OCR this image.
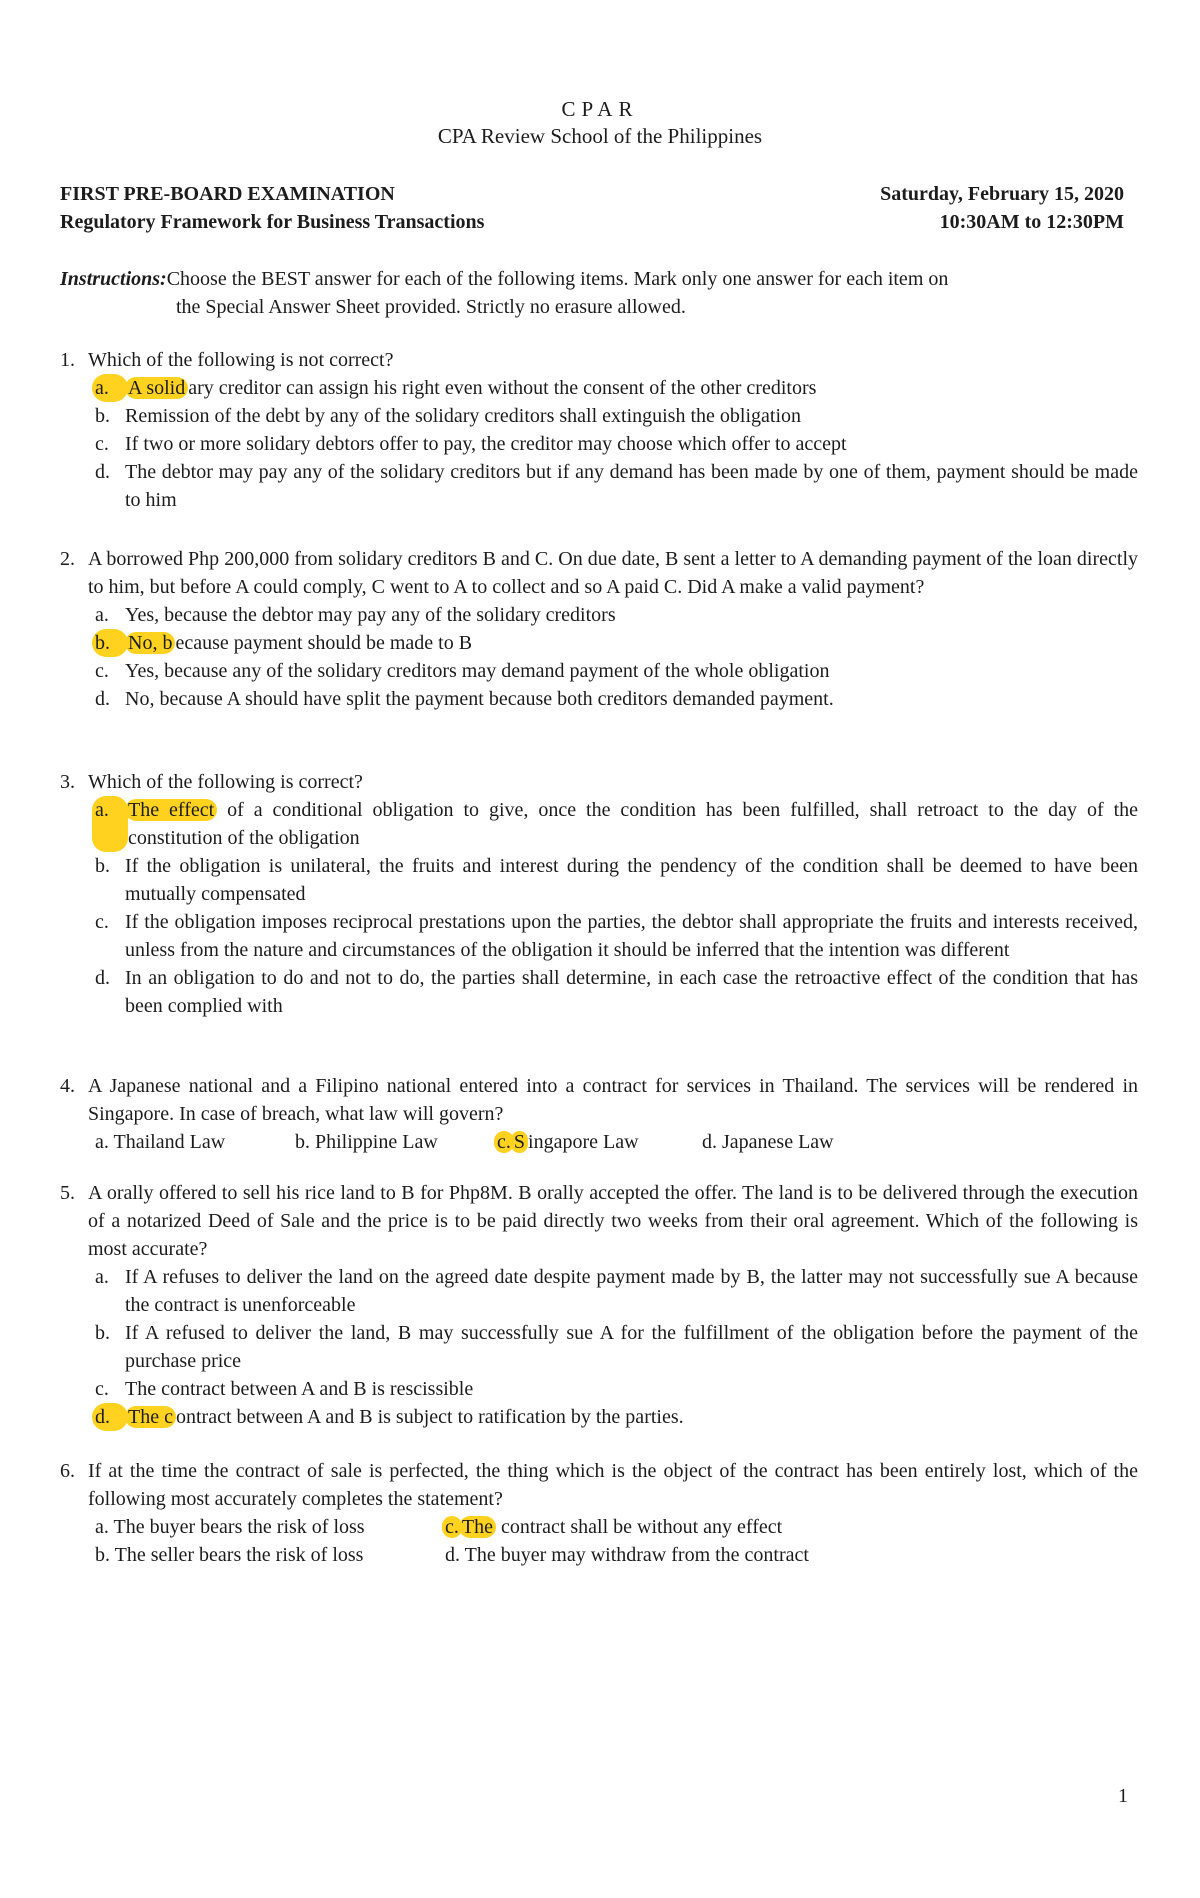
CPAR
CPA Review School of the Philippines
FIRST PRE-BOARD EXAMINATION
Regulatory Framework for Business Transactions
Saturday, February 15, 2020
10:30AM to 12:30PM
Instructions:Choose the BEST answer for each of the following items. Mark only one answer for each item on
the Special Answer Sheet provided. Strictly no erasure allowed.
1. Which of the following is not correct?
a. A solid ary creditor can assign his right even without the consent of the other creditors
b. Remission of the debt by any of the solidary creditors shall extinguish the obligation
c. If two or more solidary debtors offer to pay, the creditor may choose which offer to accept
d. The debtor may pay any of the solidary creditors but if any demand has been made by one of them, payment should be made to him
2. A borrowed Php 200,000 from solidary creditors B and C. On due date, B sent a letter to A demanding payment of the loan directly to him, but before A could comply, C went to A to collect and so A paid C. Did A make a valid payment?
a. Yes, because the debtor may pay any of the solidary creditors
b. No, b ecause payment should be made to B
c. Yes, because any of the solidary creditors may demand payment of the whole obligation
d. No, because A should have split the payment because both creditors demanded payment.
3. Which of the following is correct?
a. The effect of a conditional obligation to give, once the condition has been fulfilled, shall retroact to the day of the constitution of the obligation
b. If the obligation is unilateral, the fruits and interest during the pendency of the condition shall be deemed to have been mutually compensated
c. If the obligation imposes reciprocal prestations upon the parties, the debtor shall appropriate the fruits and interests received, unless from the nature and circumstances of the obligation it should be inferred that the intention was different
d. In an obligation to do and not to do, the parties shall determine, in each case the retroactive effect of the condition that has been complied with
4. A Japanese national and a Filipino national entered into a contract for services in Thailand. The services will be rendered in Singapore. In case of breach, what law will govern?
a. Thailand Law	b. Philippine Law	c. S ingapore Law	d. Japanese Law
5. A orally offered to sell his rice land to B for Php8M. B orally accepted the offer. The land is to be delivered through the execution of a notarized Deed of Sale and the price is to be paid directly two weeks from their oral agreement. Which of the following is most accurate?
a. If A refuses to deliver the land on the agreed date despite payment made by B, the latter may not successfully sue A because the contract is unenforceable
b. If A refused to deliver the land, B may successfully sue A for the fulfillment of the obligation before the payment of the purchase price
c. The contract between A and B is rescissible
d. The c ontract between A and B is subject to ratification by the parties.
6. If at the time the contract of sale is perfected, the thing which is the object of the contract has been entirely lost, which of the following most accurately completes the statement?
a. The buyer bears the risk of loss	c. The contract shall be without any effect
b. The seller bears the risk of loss	d. The buyer may withdraw from the contract
1
